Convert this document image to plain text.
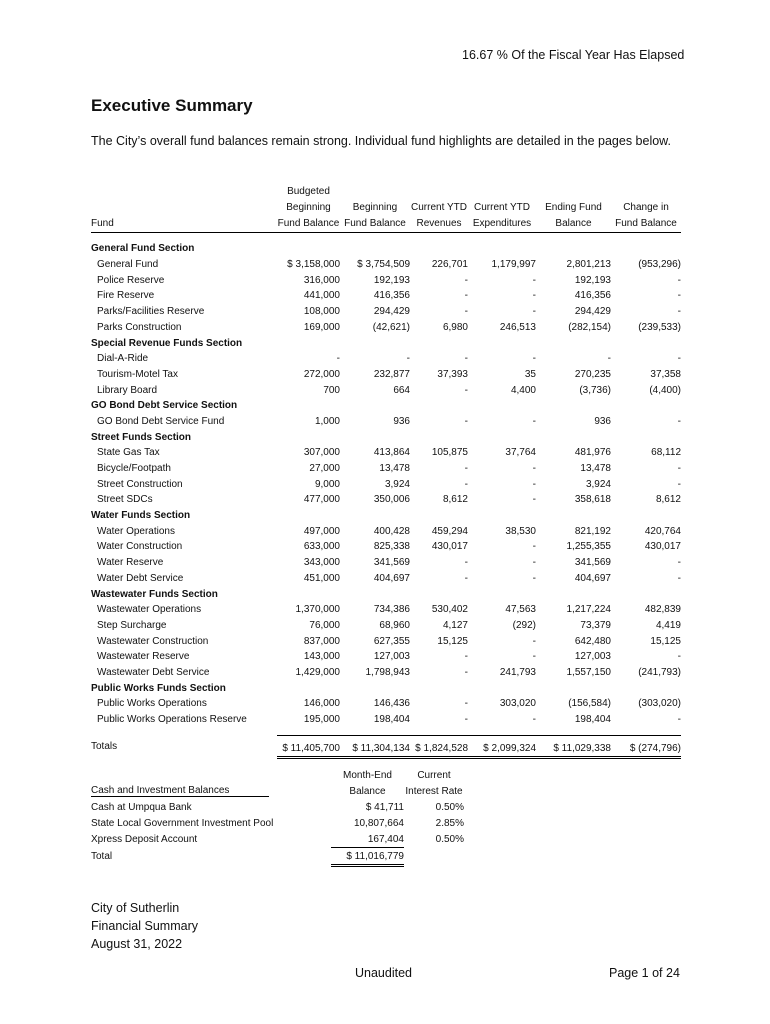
16.67 % Of the Fiscal Year Has Elapsed
Executive Summary
The City’s overall fund balances remain strong. Individual fund highlights are detailed in the pages below.
	Budgeted					
	Beginning	Beginning	Current YTD	Current YTD	Ending Fund	Change in
Fund	Fund Balance	Fund Balance	Revenues	Expenditures	Balance	Fund Balance

General Fund Section						
General Fund	$ 3,158,000	$ 3,754,509	226,701	1,179,997	2,801,213	(953,296)
Police Reserve	316,000	192,193	-	-	192,193	-
Fire Reserve	441,000	416,356	-	-	416,356	-
Parks/Facilities Reserve	108,000	294,429	-	-	294,429	-
Parks Construction	169,000	(42,621)	6,980	246,513	(282,154)	(239,533)
Special Revenue Funds Section						
Dial-A-Ride	-	-	-	-	-	-
Tourism-Motel Tax	272,000	232,877	37,393	35	270,235	37,358
Library Board	700	664	-	4,400	(3,736)	(4,400)
GO Bond Debt Service Section						
GO Bond Debt Service Fund	1,000	936	-	-	936	-
Street Funds Section						
State Gas Tax	307,000	413,864	105,875	37,764	481,976	68,112
Bicycle/Footpath	27,000	13,478	-	-	13,478	-
Street Construction	9,000	3,924	-	-	3,924	-
Street SDCs	477,000	350,006	8,612	-	358,618	8,612
Water Funds Section						
Water Operations	497,000	400,428	459,294	38,530	821,192	420,764
Water Construction	633,000	825,338	430,017	-	1,255,355	430,017
Water Reserve	343,000	341,569	-	-	341,569	-
Water Debt Service	451,000	404,697	-	-	404,697	-
Wastewater Funds Section						
Wastewater Operations	1,370,000	734,386	530,402	47,563	1,217,224	482,839
Step Surcharge	76,000	68,960	4,127	(292)	73,379	4,419
Wastewater Construction	837,000	627,355	15,125	-	642,480	15,125
Wastewater Reserve	143,000	127,003	-	-	127,003	-
Wastewater Debt Service	1,429,000	1,798,943	-	241,793	1,557,150	(241,793)
Public Works Funds Section						
Public Works Operations	146,000	146,436	-	303,020	(156,584)	(303,020)
Public Works Operations Reserve	195,000	198,404	-	-	198,404	-

Totals	$ 11,405,700	$ 11,304,134	$ 1,824,528	$ 2,099,324	$ 11,029,338	$ (274,796)
	Month-End	Current
Cash and Investment Balances	Balance	Interest Rate
Cash at Umpqua Bank	$ 41,711	0.50%
State Local Government Investment Pool	10,807,664	2.85%
Xpress Deposit Account	167,404	0.50%
Total	$ 11,016,779	
City of Sutherlin
Financial Summary
August 31, 2022
Unaudited	Page 1 of 24
